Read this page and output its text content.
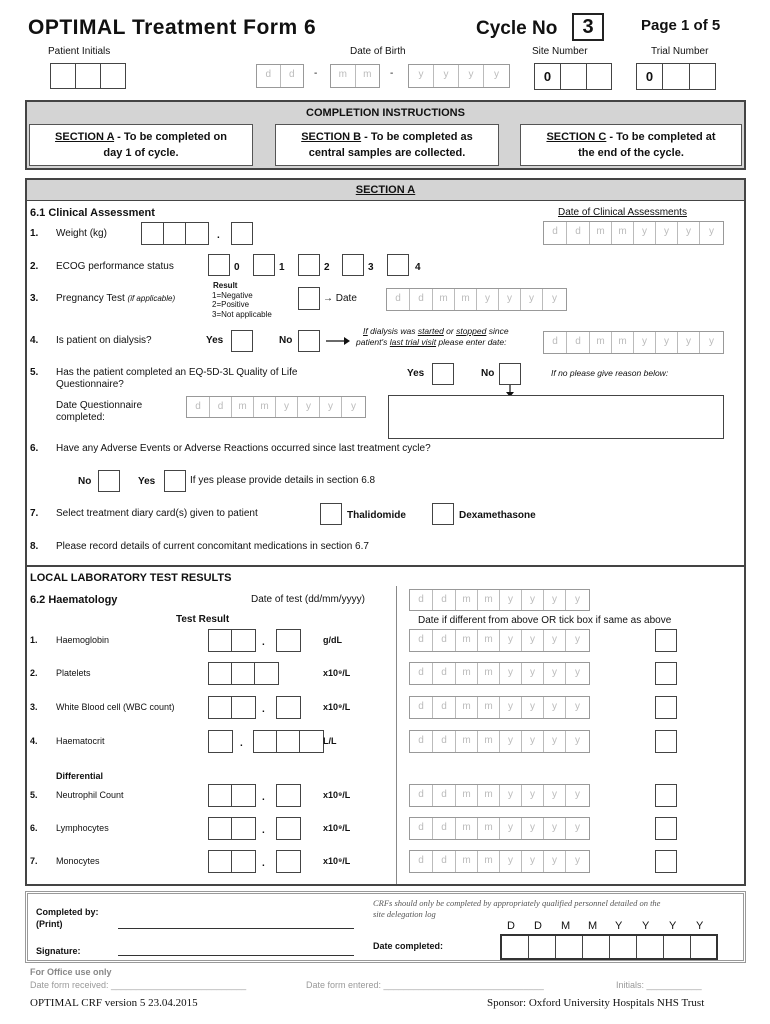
OPTIMAL Treatment Form 6	Cycle No	3	Page 1 of 5
Patient Initials	Date of Birth	Site Number	Trial Number
d	d	-	m	m	-	y	y	y	y	0	0
COMPLETION INSTRUCTIONS
SECTION A - To be completed on
day 1 of cycle.
SECTION B - To be completed as
central samples are collected.
SECTION C - To be completed at
the end of the cycle.
SECTION A
6.1 Clinical Assessment	Date of Clinical Assessments
d	d	m	m	y	y	y	y
1. Weight (kg)	.
2. ECOG performance status	0	1	2	3	4
3. Pregnancy Test (if applicable)
Result
1=Negative
2=Positive
3=Not applicable
→ Date	d	d	m	m	y	y	y	y
4. Is patient on dialysis?	Yes	No
If dialysis was started or stopped since
patient's last trial visit please enter date:	d	d	m	m	y	y	y	y
5. Has the patient completed an EQ-5D-3L Quality of Life
Questionnaire?
Yes	No	If no please give reason below:
Date Questionnaire
completed:
d	d	m	m	y	y	y	y
6. Have any Adverse Events or Adverse Reactions occurred since last treatment cycle?
No	Yes	If yes please provide details in section 6.8
7. Select treatment diary card(s) given to patient	Thalidomide	Dexamethasone
8. Please record details of current concomitant medications in section 6.7
LOCAL LABORATORY TEST RESULTS
6.2 Haematology	Date of test (dd/mm/yyyy)	d	d	m	m	y	y	y	y
Test Result	Date if different from above OR tick box if same as above
Differential
1. Haemoglobin	.	g/dL	d	d	m	m	y	y	y	y
2. Platelets	x10⁹/L	d	d	m	m	y	y	y	y
3. White Blood cell (WBC count)	.	x10⁹/L	d	d	m	m	y	y	y	y
4. Haematocrit	.	L/L	d	d	m	m	y	y	y	y
5. Neutrophil Count	.	x10⁹/L	d	d	m	m	y	y	y	y
6. Lymphocytes	.	x10⁹/L	d	d	m	m	y	y	y	y
7. Monocytes	.	x10⁹/L	d	d	m	m	y	y	y	y
Completed by:
(Print)
Signature:
CRFs should only be completed by appropriately qualified personnel detailed on the
site delegation log
Date completed:
D D M M Y Y Y Y
For Office use only
Date form received: ___________________________	Date form entered: ________________________________	Initials: ___________
OPTIMAL CRF version 5 23.04.2015	Sponsor: Oxford University Hospitals NHS Trust
